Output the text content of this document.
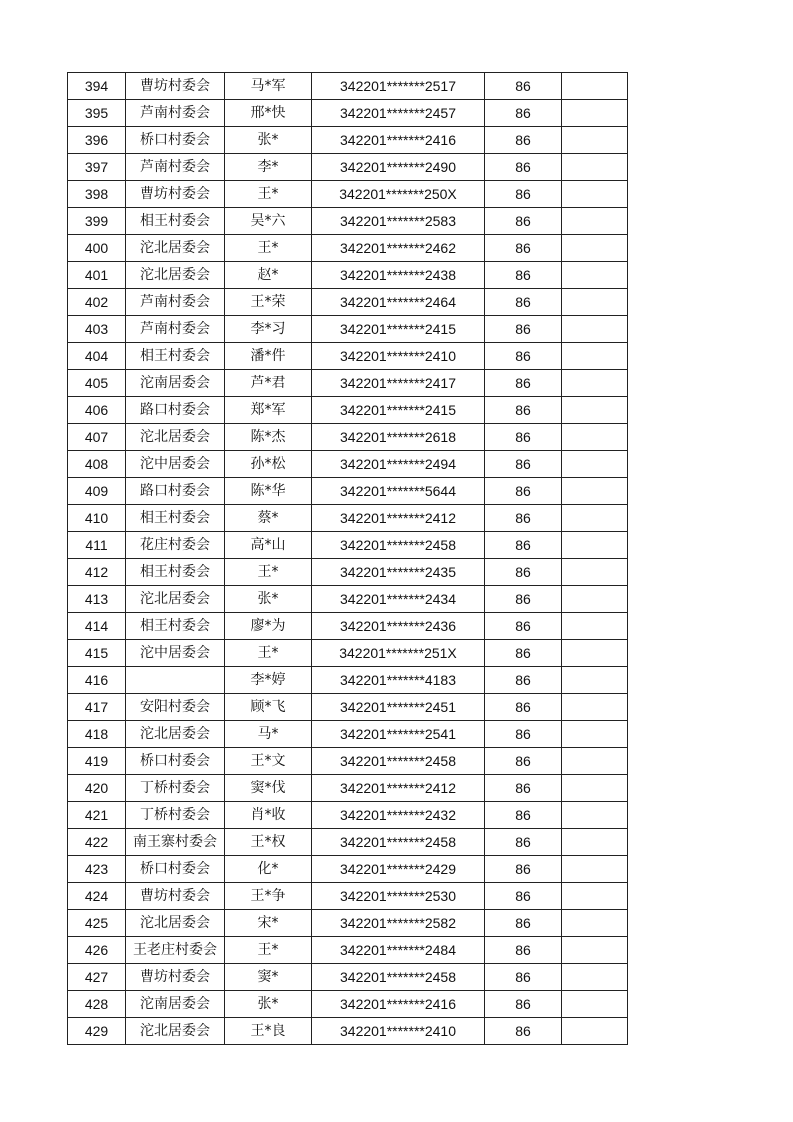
394	曹坊村委会	马*军	342201*******2517	86	
395	芦南村委会	邢*快	342201*******2457	86	
396	桥口村委会	张*	342201*******2416	86	
397	芦南村委会	李*	342201*******2490	86	
398	曹坊村委会	王*	342201*******250X	86	
399	相王村委会	吴*六	342201*******2583	86	
400	沱北居委会	王*	342201*******2462	86	
401	沱北居委会	赵*	342201*******2438	86	
402	芦南村委会	王*荣	342201*******2464	86	
403	芦南村委会	李*习	342201*******2415	86	
404	相王村委会	潘*件	342201*******2410	86	
405	沱南居委会	芦*君	342201*******2417	86	
406	路口村委会	郑*军	342201*******2415	86	
407	沱北居委会	陈*杰	342201*******2618	86	
408	沱中居委会	孙*松	342201*******2494	86	
409	路口村委会	陈*华	342201*******5644	86	
410	相王村委会	蔡*	342201*******2412	86	
411	花庄村委会	高*山	342201*******2458	86	
412	相王村委会	王*	342201*******2435	86	
413	沱北居委会	张*	342201*******2434	86	
414	相王村委会	廖*为	342201*******2436	86	
415	沱中居委会	王*	342201*******251X	86	
416		李*婷	342201*******4183	86	
417	安阳村委会	顾*飞	342201*******2451	86	
418	沱北居委会	马*	342201*******2541	86	
419	桥口村委会	王*文	342201*******2458	86	
420	丁桥村委会	窦*伐	342201*******2412	86	
421	丁桥村委会	肖*收	342201*******2432	86	
422	南王寨村委会	王*权	342201*******2458	86	
423	桥口村委会	化*	342201*******2429	86	
424	曹坊村委会	王*争	342201*******2530	86	
425	沱北居委会	宋*	342201*******2582	86	
426	王老庄村委会	王*	342201*******2484	86	
427	曹坊村委会	窦*	342201*******2458	86	
428	沱南居委会	张*	342201*******2416	86	
429	沱北居委会	王*良	342201*******2410	86	
